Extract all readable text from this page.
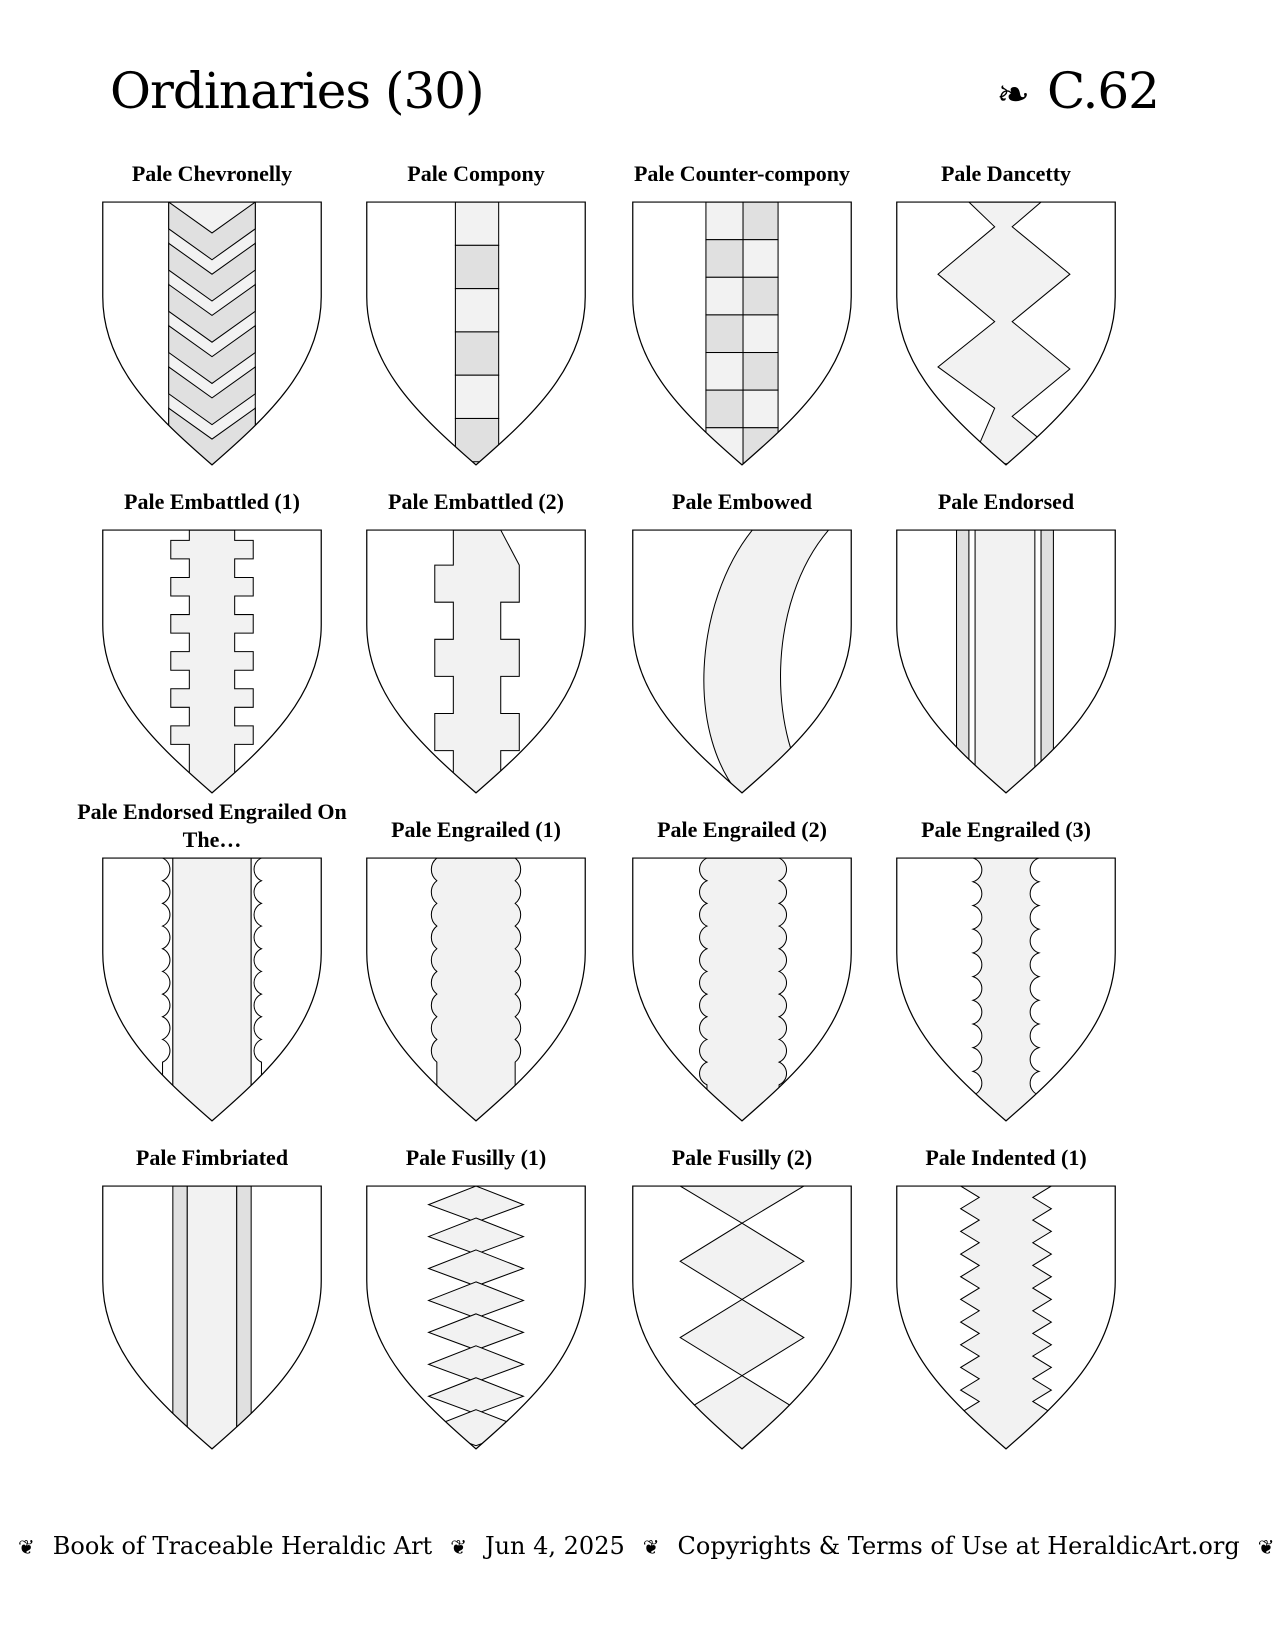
Ordinaries (30)	❧ C.62
Pale Chevronelly	Pale Compony	Pale Counter-compony	Pale Dancetty
Pale Embattled (1)	Pale Embattled (2)	Pale Embowed	Pale Endorsed
Pale Endorsed Engrailed On The…	Pale Engrailed (1)	Pale Engrailed (2)	Pale Engrailed (3)
Pale Fimbriated	Pale Fusilly (1)	Pale Fusilly (2)	Pale Indented (1)
❦ Book of Traceable Heraldic Art ❦ Jun 4, 2025 ❦ Copyrights & Terms of Use at HeraldicArt.org ❦
